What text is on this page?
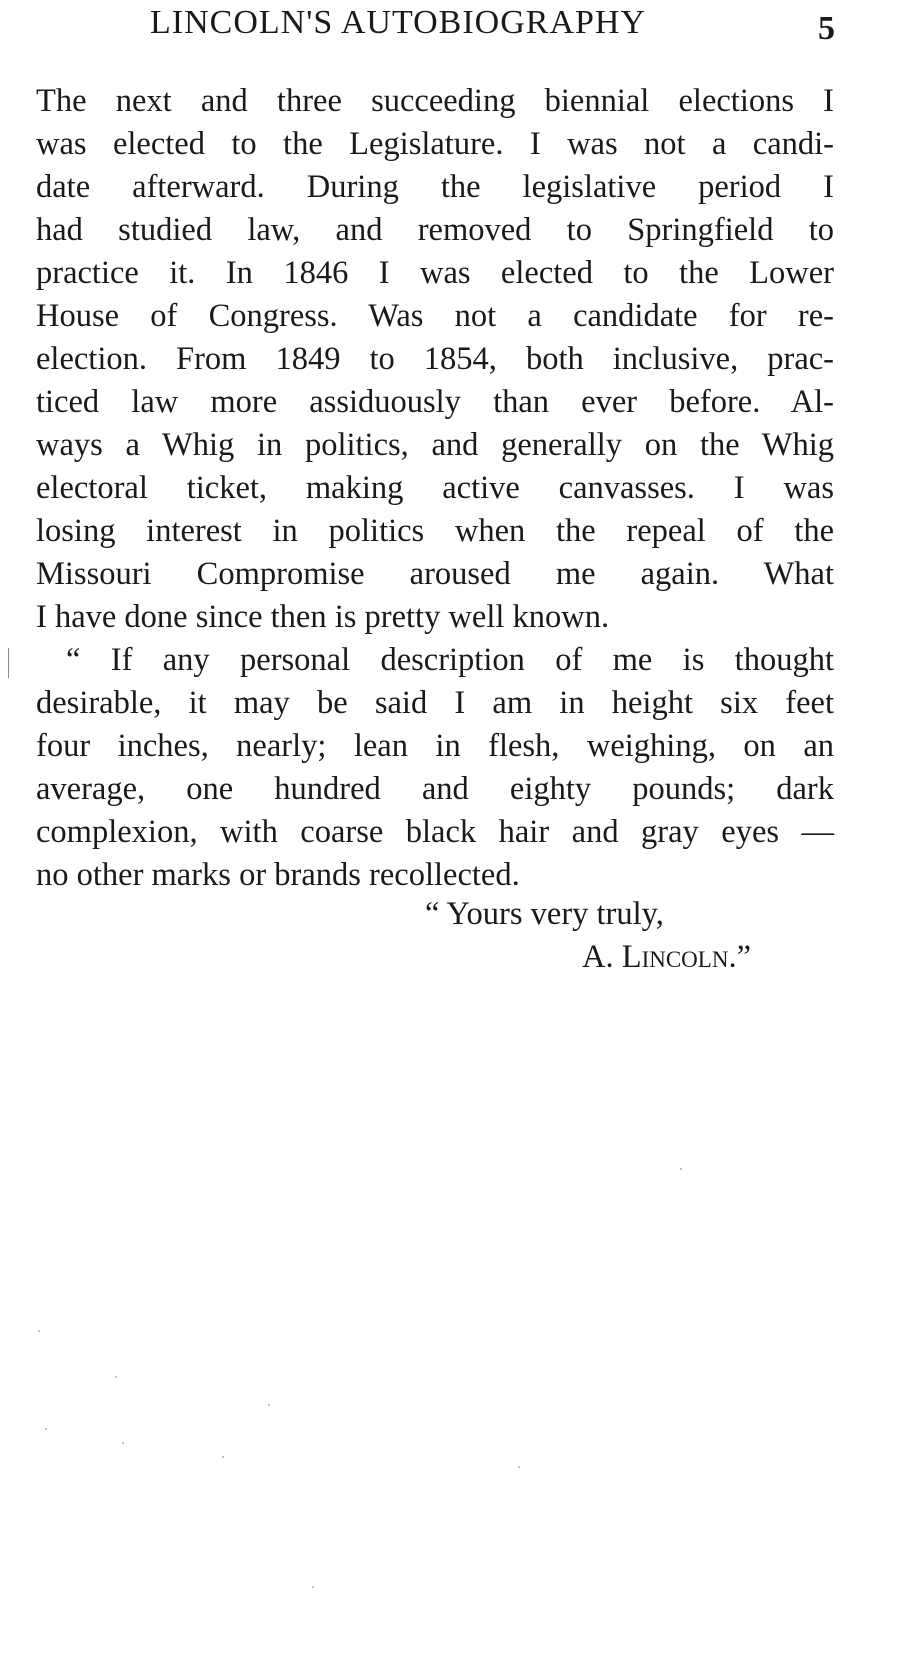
LINCOLN'S AUTOBIOGRAPHY	5
The next and three succeeding biennial elections I
was elected to the Legislature. I was not a candi-
date afterward. During the legislative period I
had studied law, and removed to Springfield to
practice it. In 1846 I was elected to the Lower
House of Congress. Was not a candidate for re-
election. From 1849 to 1854, both inclusive, prac-
ticed law more assiduously than ever before. Al-
ways a Whig in politics, and generally on the Whig
electoral ticket, making active canvasses. I was
losing interest in politics when the repeal of the
Missouri Compromise aroused me again. What
I have done since then is pretty well known.
“ If any personal description of me is thought
desirable, it may be said I am in height six feet
four inches, nearly; lean in flesh, weighing, on an
average, one hundred and eighty pounds; dark
complexion, with coarse black hair and gray eyes —
no other marks or brands recollected.
“ Yours very truly,
A. Lincoln.”
